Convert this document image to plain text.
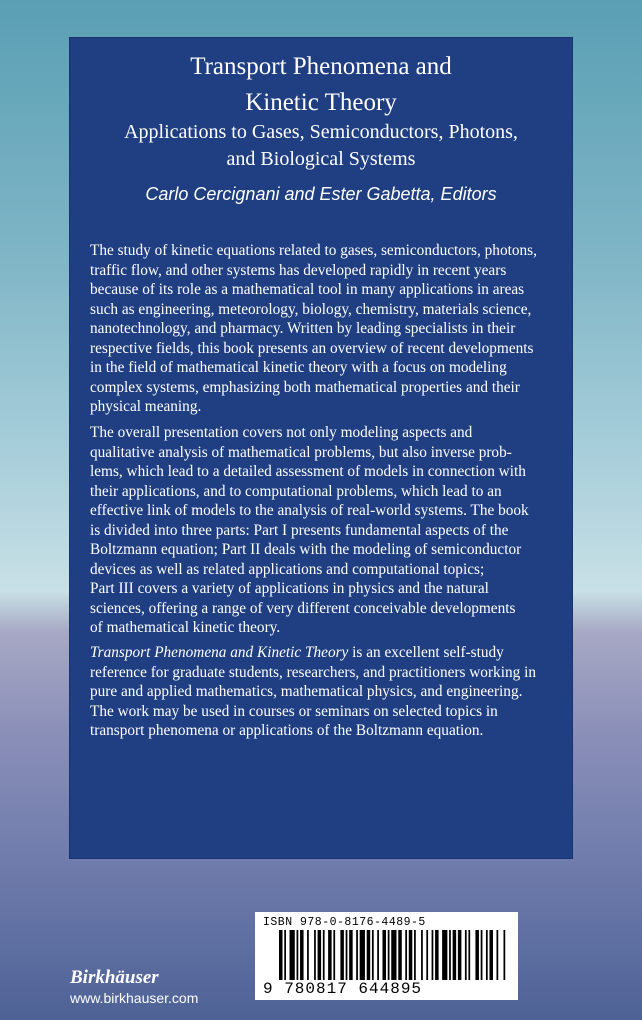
Transport Phenomena and
Kinetic Theory
Applications to Gases, Semiconductors, Photons,
and Biological Systems
Carlo Cercignani and Ester Gabetta, Editors
The study of kinetic equations related to gases, semiconductors, photons,
traffic flow, and other systems has developed rapidly in recent years
because of its role as a mathematical tool in many applications in areas
such as engineering, meteorology, biology, chemistry, materials science,
nanotechnology, and pharmacy. Written by leading specialists in their
respective fields, this book presents an overview of recent developments
in the field of mathematical kinetic theory with a focus on modeling
complex systems, emphasizing both mathematical properties and their
physical meaning.
The overall presentation covers not only modeling aspects and
qualitative analysis of mathematical problems, but also inverse prob-
lems, which lead to a detailed assessment of models in connection with
their applications, and to computational problems, which lead to an
effective link of models to the analysis of real-world systems. The book
is divided into three parts: Part I presents fundamental aspects of the
Boltzmann equation; Part II deals with the modeling of semiconductor
devices as well as related applications and computational topics;
Part III covers a variety of applications in physics and the natural
sciences, offering a range of very different conceivable developments
of mathematical kinetic theory.
Transport Phenomena and Kinetic Theory is an excellent self-study
reference for graduate students, researchers, and practitioners working in
pure and applied mathematics, mathematical physics, and engineering.
The work may be used in courses or seminars on selected topics in
transport phenomena or applications of the Boltzmann equation.
Birkhäuser
www.birkhauser.com
ISBN 978-0-8176-4489-5
9 780817 644895
